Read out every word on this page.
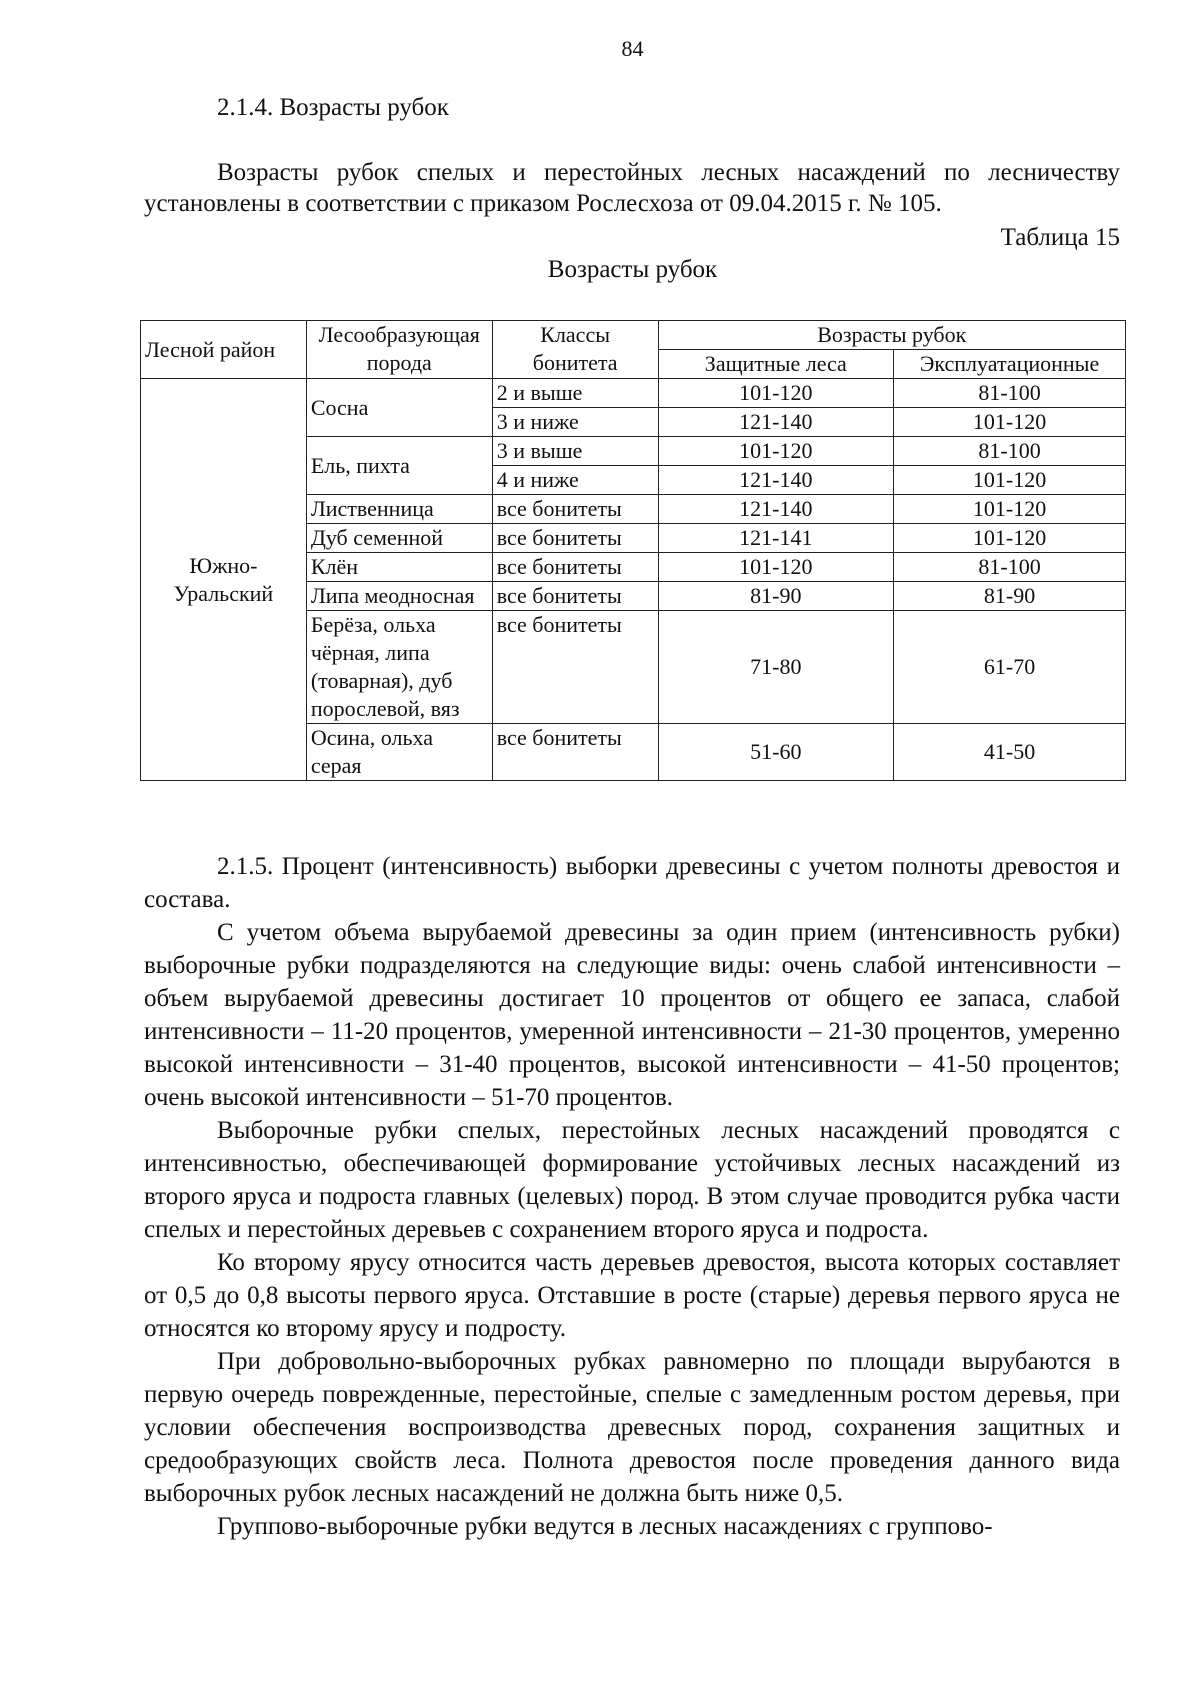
84
2.1.4. Возрасты рубок

Возрасты рубок спелых и перестойных лесных насаждений по лесничеству установлены в соответствии с приказом Рослесхоза от 09.04.2015 г. № 105.

Таблица 15
Возрасты рубок
Лесной район	Лесообразующая порода	Классы бонитета	Возрасты рубок	
			Защитные леса	Эксплуатационные
Южно-Уральский	Сосна	2 и выше	101-120	81-100
		3 и ниже	121-140	101-120
	Ель, пихта	3 и выше	101-120	81-100
		4 и ниже	121-140	101-120
	Лиственница	все бонитеты	121-140	101-120
	Дуб семенной	все бонитеты	121-141	101-120
	Клён	все бонитеты	101-120	81-100
	Липа меодносная	все бонитеты	81-90	81-90
	Берёза, ольха чёрная, липа (товарная), дуб порослевой, вяз	все бонитеты	71-80	61-70
	Осина, ольха серая	все бонитеты	51-60	41-50

2.1.5. Процент (интенсивность) выборки древесины с учетом полноты древостоя и состава.

С учетом объема вырубаемой древесины за один прием (интенсивность рубки) выборочные рубки подразделяются на следующие виды: очень слабой интенсивности – объем вырубаемой древесины достигает 10 процентов от общего ее запаса, слабой интенсивности – 11-20 процентов, умеренной интенсивности – 21-30 процентов, умеренно высокой интенсивности – 31-40 процентов, высокой интенсивности – 41-50 процентов; очень высокой интенсивности – 51-70 процентов.

Выборочные рубки спелых, перестойных лесных насаждений проводятся с интенсивностью, обеспечивающей формирование устойчивых лесных насаждений из второго яруса и подроста главных (целевых) пород. В этом случае проводится рубка части спелых и перестойных деревьев с сохранением второго яруса и подроста.

Ко второму ярусу относится часть деревьев древостоя, высота которых составляет от 0,5 до 0,8 высоты первого яруса. Отставшие в росте (старые) деревья первого яруса не относятся ко второму ярусу и подросту.

При добровольно-выборочных рубках равномерно по площади вырубаются в первую очередь поврежденные, перестойные, спелые с замедленным ростом деревья, при условии обеспечения воспроизводства древесных пород, сохранения защитных и средообразующих свойств леса. Полнота древостоя после проведения данного вида выборочных рубок лесных насаждений не должна быть ниже 0,5.

Групповo-выборочные рубки ведутся в лесных насаждениях с группово-
